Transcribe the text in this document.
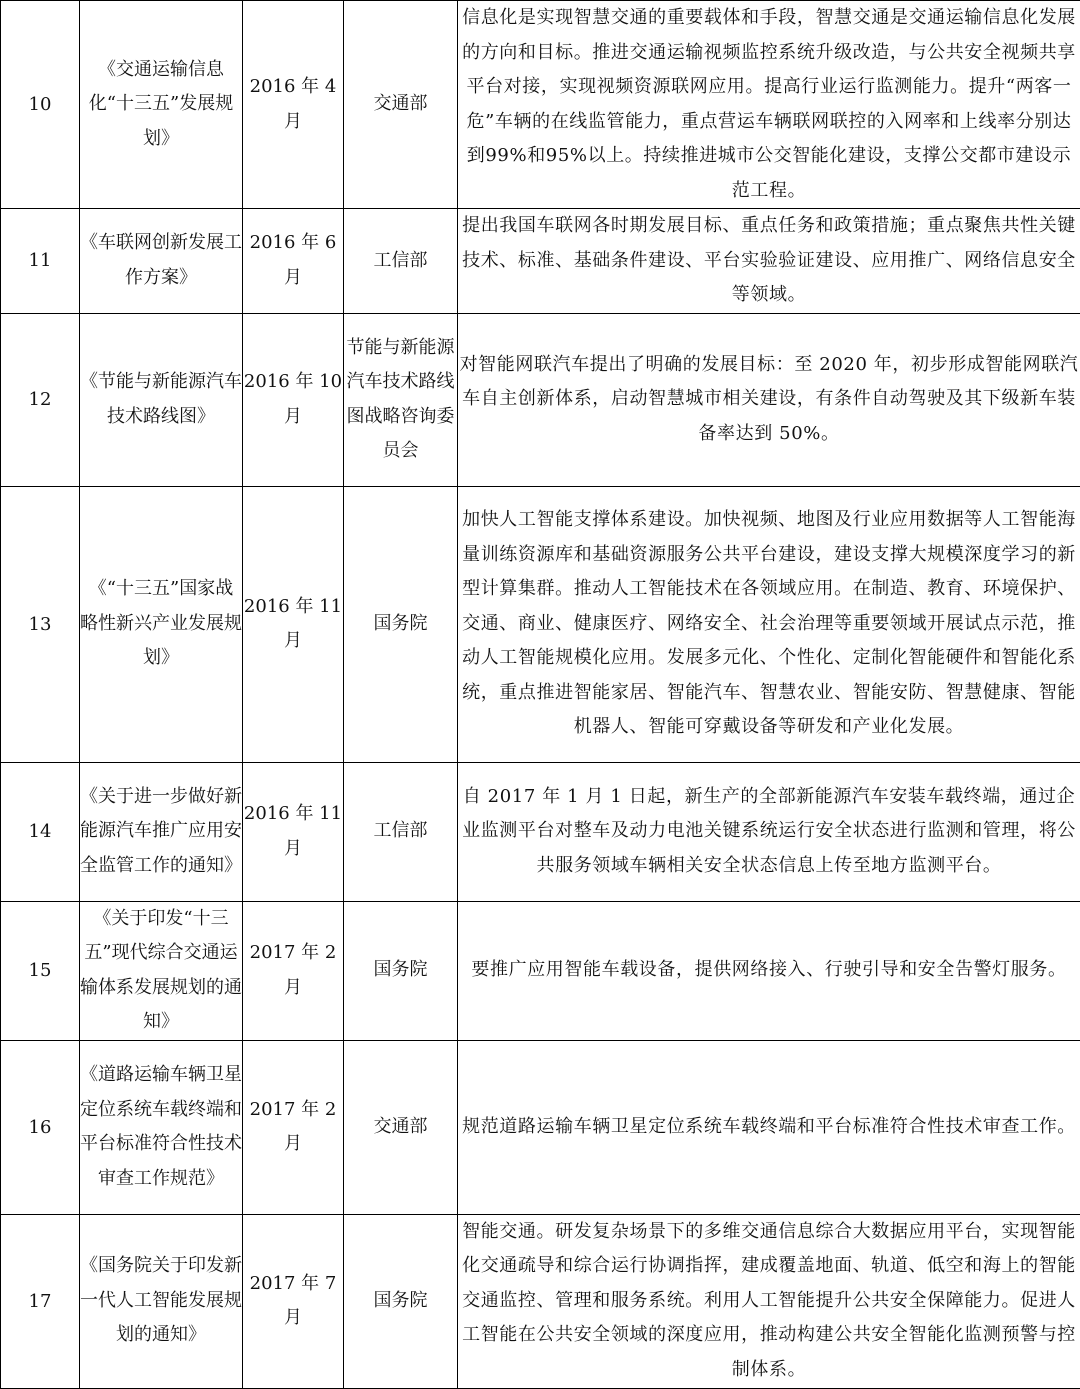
10	《交通运输信息化“十三五”发展规划》	2016 年 4月	交通部	信息化是实现智慧交通的重要载体和手段，智慧交通是交通运输信息化发展的方向和目标。推进交通运输视频监控系统升级改造，与公共安全视频共享平台对接，实现视频资源联网应用。提高行业运行监测能力。提升“两客一危”车辆的在线监管能力，重点营运车辆联网联控的入网率和上线率分别达到99%和95%以上。持续推进城市公交智能化建设，支撑公交都市建设示范工程。
11	《车联网创新发展工作方案》	2016 年 6月	工信部	提出我国车联网各时期发展目标、重点任务和政策措施；重点聚焦共性关键技术、标准、基础条件建设、平台实验验证建设、应用推广、网络信息安全等领域。
12	《节能与新能源汽车技术路线图》	2016 年 10月	节能与新能源汽车技术路线图战略咨询委员会	对智能网联汽车提出了明确的发展目标：至 2020 年，初步形成智能网联汽车自主创新体系，启动智慧城市相关建设，有条件自动驾驶及其下级新车装备率达到 50%。
13	《“十三五”国家战略性新兴产业发展规划》	2016 年 11月	国务院	加快人工智能支撑体系建设。加快视频、地图及行业应用数据等人工智能海量训练资源库和基础资源服务公共平台建设，建设支撑大规模深度学习的新型计算集群。推动人工智能技术在各领域应用。在制造、教育、环境保护、交通、商业、健康医疗、网络安全、社会治理等重要领域开展试点示范，推动人工智能规模化应用。发展多元化、个性化、定制化智能硬件和智能化系统，重点推进智能家居、智能汽车、智慧农业、智能安防、智慧健康、智能机器人、智能可穿戴设备等研发和产业化发展。
14	《关于进一步做好新能源汽车推广应用安全监管工作的通知》	2016 年 11月	工信部	自 2017 年 1 月 1 日起，新生产的全部新能源汽车安装车载终端，通过企业监测平台对整车及动力电池关键系统运行安全状态进行监测和管理，将公共服务领域车辆相关安全状态信息上传至地方监测平台。
15	《关于印发“十三五”现代综合交通运输体系发展规划的通知》	2017 年 2月	国务院	要推广应用智能车载设备，提供网络接入、行驶引导和安全告警灯服务。
16	《道路运输车辆卫星定位系统车载终端和平台标准符合性技术审查工作规范》	2017 年 2月	交通部	规范道路运输车辆卫星定位系统车载终端和平台标准符合性技术审查工作。
17	《国务院关于印发新一代人工智能发展规划的通知》	2017 年 7月	国务院	智能交通。研发复杂场景下的多维交通信息综合大数据应用平台，实现智能化交通疏导和综合运行协调指挥，建成覆盖地面、轨道、低空和海上的智能交通监控、管理和服务系统。利用人工智能提升公共安全保障能力。促进人工智能在公共安全领域的深度应用，推动构建公共安全智能化监测预警与控制体系。
